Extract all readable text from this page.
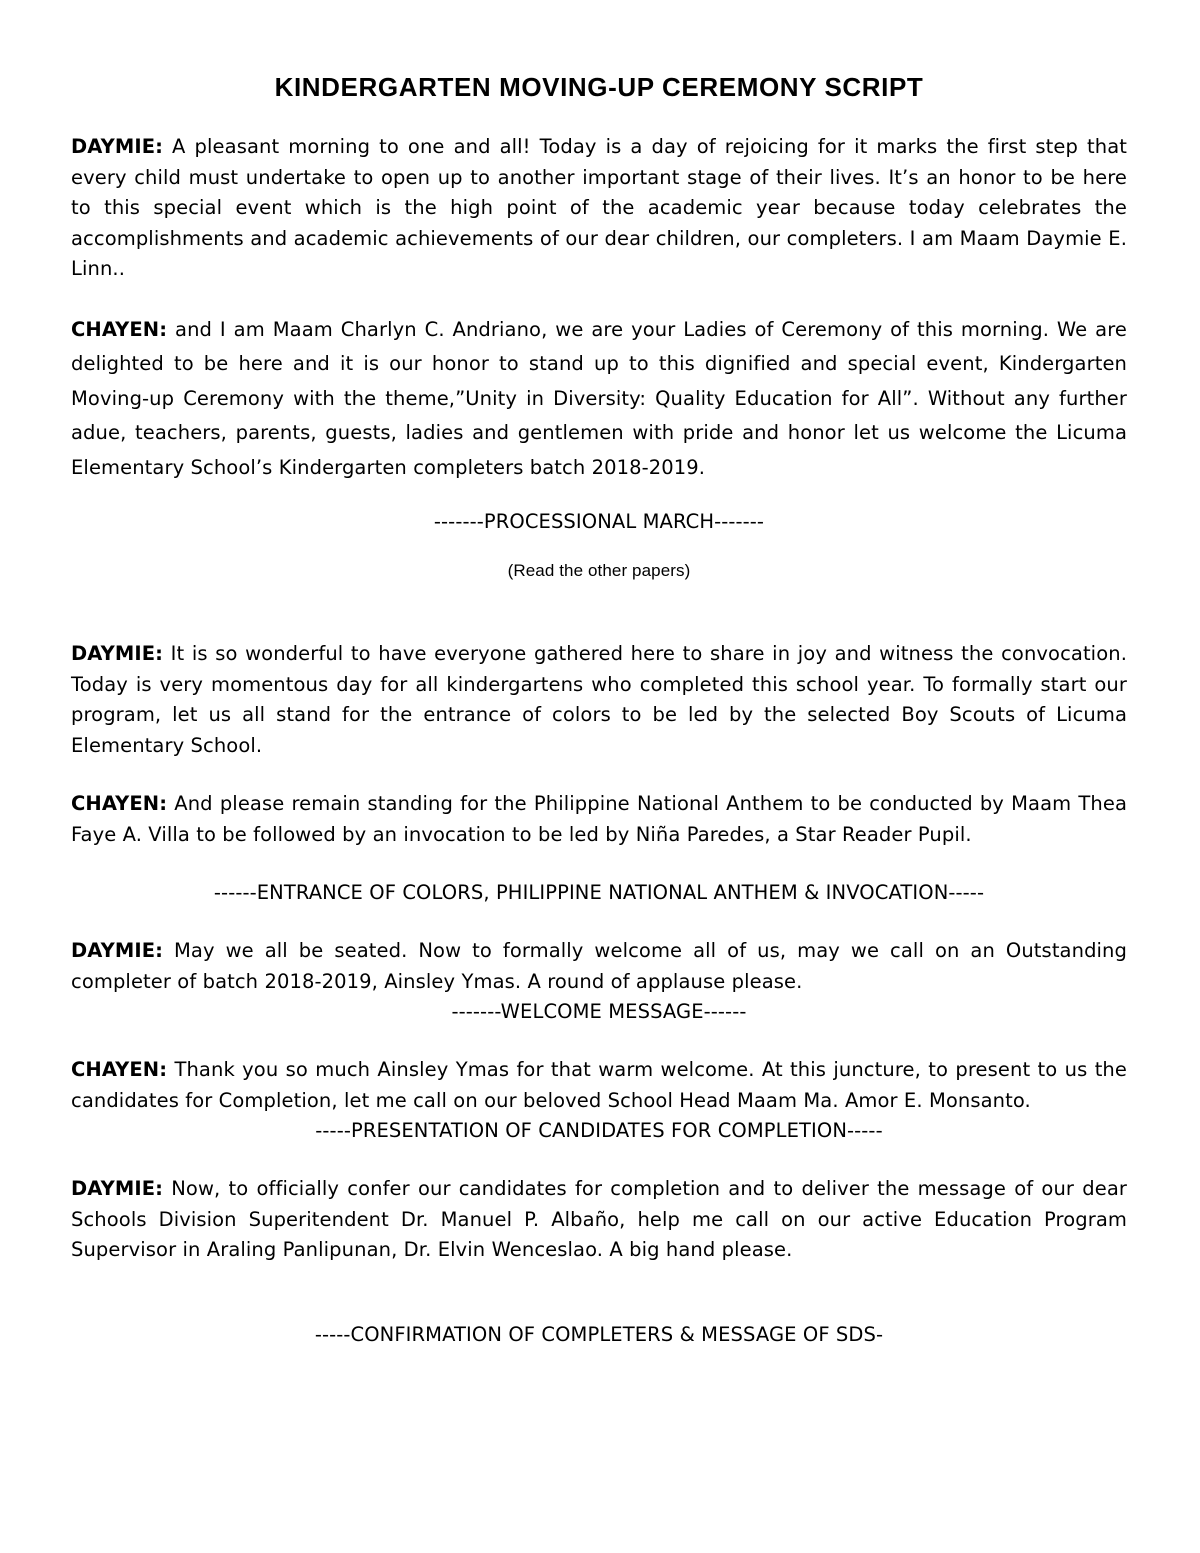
KINDERGARTEN MOVING-UP CEREMONY SCRIPT

DAYMIE: A pleasant morning to one and all! Today is a day of rejoicing for it marks the first step that every child must undertake to open up to another important stage of their lives. It’s an honor to be here to this special event which is the high point of the academic year because today celebrates the accomplishments and academic achievements of our dear children, our completers. I am Maam Daymie E. Linn..

CHAYEN: and I am Maam Charlyn C. Andriano, we are your Ladies of Ceremony of this morning. We are delighted to be here and it is our honor to stand up to this dignified and special event, Kindergarten Moving-up Ceremony with the theme,”Unity in Diversity: Quality Education for All”. Without any further adue, teachers, parents, guests, ladies and gentlemen with pride and honor let us welcome the Licuma Elementary School’s Kindergarten completers batch 2018-2019.

-------PROCESSIONAL MARCH-------

(Read the other papers)

DAYMIE: It is so wonderful to have everyone gathered here to share in joy and witness the convocation. Today is very momentous day for all kindergartens who completed this school year. To formally start our program, let us all stand for the entrance of colors to be led by the selected Boy Scouts of Licuma Elementary School.

CHAYEN: And please remain standing for the Philippine National Anthem to be conducted by Maam Thea Faye A. Villa to be followed by an invocation to be led by Niña Paredes, a Star Reader Pupil.

------ENTRANCE OF COLORS, PHILIPPINE NATIONAL ANTHEM & INVOCATION-----

DAYMIE: May we all be seated. Now to formally welcome all of us, may we call on an Outstanding completer of batch 2018-2019, Ainsley Ymas. A round of applause please.

-------WELCOME MESSAGE------

CHAYEN: Thank you so much Ainsley Ymas for that warm welcome. At this juncture, to present to us the candidates for Completion, let me call on our beloved School Head Maam Ma. Amor E. Monsanto.

-----PRESENTATION OF CANDIDATES FOR COMPLETION-----

DAYMIE: Now, to officially confer our candidates for completion and to deliver the message of our dear Schools Division Superitendent Dr. Manuel P. Albaño, help me call on our active Education Program Supervisor in Araling Panlipunan, Dr. Elvin Wenceslao. A big hand please.

-----CONFIRMATION OF COMPLETERS & MESSAGE OF SDS-
